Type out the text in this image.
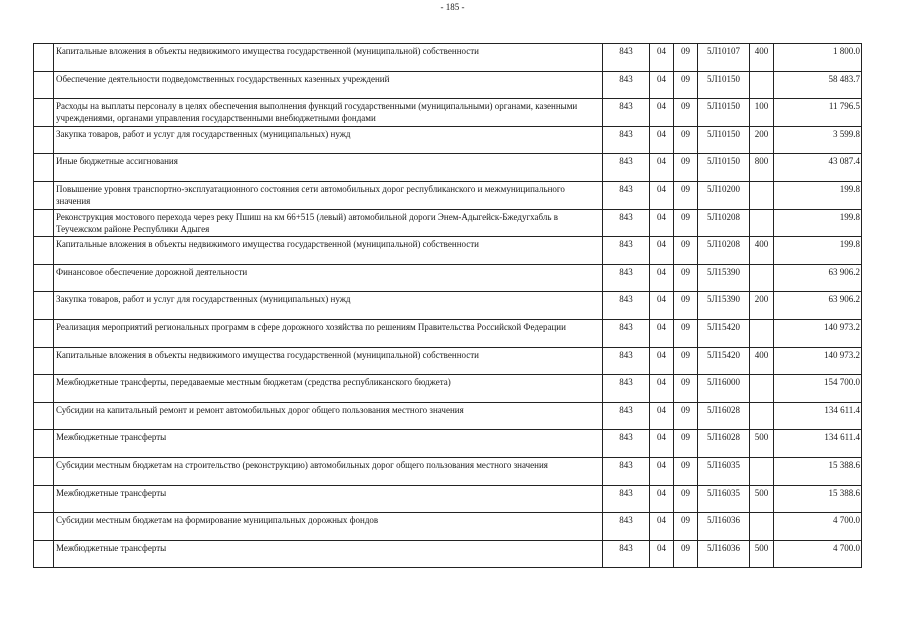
- 185 -
	Капитальные вложения в объекты недвижимого имущества государственной (муниципальной) собственности	843	04	09	5Л10107	400	1 800.0
	Обеспечение деятельности подведомственных государственных казенных учреждений	843	04	09	5Л10150		58 483.7
	Расходы на выплаты персоналу в целях обеспечения выполнения функций государственными (муниципальными) органами, казенными учреждениями, органами управления государственными внебюджетными фондами	843	04	09	5Л10150	100	11 796.5
	Закупка товаров, работ и услуг для государственных (муниципальных) нужд	843	04	09	5Л10150	200	3 599.8
	Иные бюджетные ассигнования	843	04	09	5Л10150	800	43 087.4
	Повышение уровня транспортно-эксплуатационного состояния сети автомобильных дорог республиканского и межмуниципального значения	843	04	09	5Л10200		199.8
	Реконструкция мостового перехода через реку Пшиш на км 66+515 (левый) автомобильной дороги Энем-Адыгейск-Бжедугхабль в Теучежском районе Республики Адыгея	843	04	09	5Л10208		199.8
	Капитальные вложения в объекты недвижимого имущества государственной (муниципальной) собственности	843	04	09	5Л10208	400	199.8
	Финансовое обеспечение дорожной деятельности	843	04	09	5Л15390		63 906.2
	Закупка товаров, работ и услуг для государственных (муниципальных) нужд	843	04	09	5Л15390	200	63 906.2
	Реализация мероприятий региональных программ в сфере дорожного хозяйства по решениям Правительства Российской Федерации	843	04	09	5Л15420		140 973.2
	Капитальные вложения в объекты недвижимого имущества государственной (муниципальной) собственности	843	04	09	5Л15420	400	140 973.2
	Межбюджетные трансферты, передаваемые местным бюджетам (средства республиканского бюджета)	843	04	09	5Л16000		154 700.0
	Субсидии на капитальный ремонт и ремонт автомобильных дорог общего пользования местного значения	843	04	09	5Л16028		134 611.4
	Межбюджетные трансферты	843	04	09	5Л16028	500	134 611.4
	Субсидии местным бюджетам на строительство (реконструкцию) автомобильных дорог общего пользования местного значения	843	04	09	5Л16035		15 388.6
	Межбюджетные трансферты	843	04	09	5Л16035	500	15 388.6
	Субсидии местным бюджетам на формирование муниципальных дорожных фондов	843	04	09	5Л16036		4 700.0
	Межбюджетные трансферты	843	04	09	5Л16036	500	4 700.0
